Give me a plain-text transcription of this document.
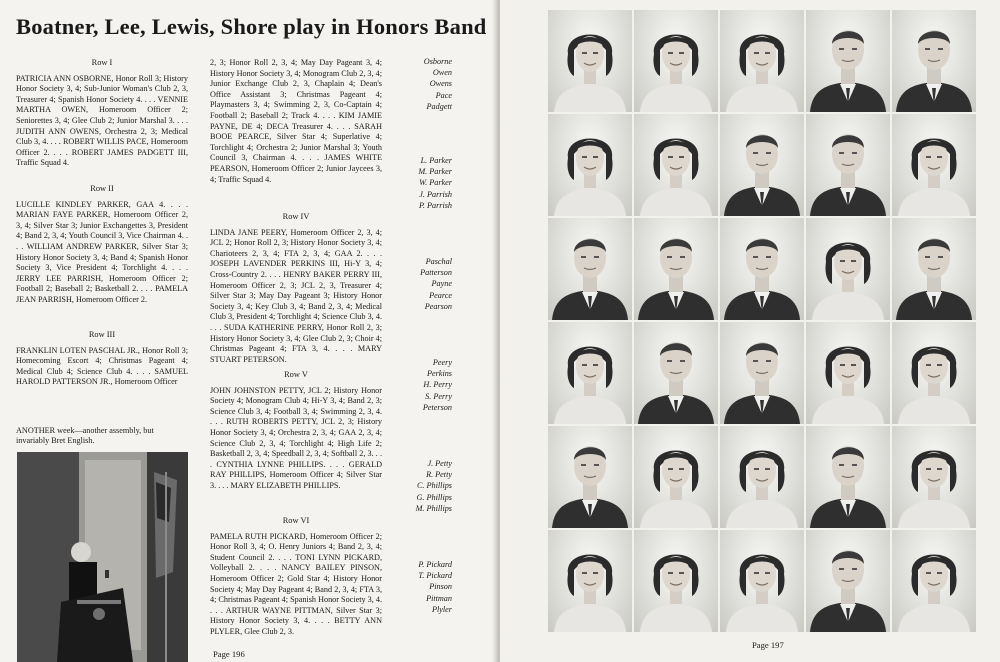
Boatner, Lee, Lewis, Shore play in Honors Band
Row I

PATRICIA ANN OSBORNE, Honor Roll 3; History Honor Society 3, 4; Sub-Junior Woman's Club 2, 3, Treasurer 4; Spanish Honor Society 4. . . . VENNIE MARTHA OWEN, Homeroom Officer 2; Seniorettes 3, 4; Glee Club 2; Junior Marshal 3. . . . JUDITH ANN OWENS, Orchestra 2, 3; Medical Club 3, 4. . . . ROBERT WILLIS PACE, Homeroom Officer 2. . . . ROBERT JAMES PADGETT III, Traffic Squad 4.

Row II

LUCILLE KINDLEY PARKER, GAA 4. . . . MARIAN FAYE PARKER, Homeroom Officer 2, 3, 4; Silver Star 3; Junior Exchangettes 3, President 4; Band 2, 3, 4; Youth Council 3, Vice Chairman 4. . . . WILLIAM ANDREW PARKER, Silver Star 3; History Honor Society 3, 4; Band 4; Spanish Honor Society 3, Vice President 4; Torchlight 4. . . . JERRY LEE PARRISH, Homeroom Officer 2; Football 2; Baseball 2; Basketball 2. . . . PAMELA JEAN PARRISH, Homeroom Officer 2.

Row III

FRANKLIN LOTEN PASCHAL JR., Honor Roll 3; Homecoming Escort 4; Christmas Pageant 4; Medical Club 4; Science Club 4. . . . SAMUEL HAROLD PATTERSON JR., Homeroom Officer

ANOTHER week—another assembly, but invariably Bret English.

2, 3; Honor Roll 2, 3, 4; May Day Pageant 3, 4; History Honor Society 3, 4; Monogram Club 2, 3, 4; Junior Exchange Club 2, 3, Chaplain 4; Dean's Office Assistant 3; Christmas Pageant 4; Playmasters 3, 4; Swimming 2, 3, Co-Captain 4; Football 2; Baseball 2; Track 4. . . . KIM JAMIE PAYNE, DE 4; DECA Treasurer 4. . . . SARAH BOOE PEARCE, Silver Star 4; Superlative 4; Torchlight 4; Orchestra 2; Junior Marshal 3; Youth Council 3, Chairman 4. . . . JAMES WHITE PEARSON, Homeroom Officer 2; Junior Jaycees 3, 4; Traffic Squad 4.

Row IV

LINDA JANE PEERY, Homeroom Officer 2, 3, 4; JCL 2; Honor Roll 2, 3; History Honor Society 3, 4; Charioteers 2, 3, 4; FTA 2, 3, 4; GAA 2. . . . JOSEPH LAVENDER PERKINS III, Hi-Y 3, 4; Cross-Country 2. . . . HENRY BAKER PERRY III, Homeroom Officer 2, 3; JCL 2, 3, Treasurer 4; Silver Star 3; May Day Pageant 3; History Honor Society 3, 4; Key Club 3, 4; Band 2, 3, 4; Medical Club 3, President 4; Torchlight 4; Science Club 3, 4. . . . SUDA KATHERINE PERRY, Honor Roll 2, 3; History Honor Society 3, 4; Glee Club 2, 3; Choir 4; Christmas Pageant 4; FTA 3, 4. . . . MARY STUART PETERSON.

Row V

JOHN JOHNSTON PETTY, JCL 2; History Honor Society 4; Monogram Club 4; Hi-Y 3, 4; Band 2, 3; Science Club 3, 4; Football 3, 4; Swimming 2, 3, 4. . . . RUTH ROBERTS PETTY, JCL 2, 3; History Honor Society 3, 4; Orchestra 2, 3, 4; GAA 2, 3, 4; Science Club 2, 3, 4; Torchlight 4; High Life 2; Basketball 2, 3, 4; Speedball 2, 3, 4; Softball 2, 3. . . . CYNTHIA LYNNE PHILLIPS. . . . GERALD RAY PHILLIPS, Homeroom Officer 4; Silver Star 3. . . . MARY ELIZABETH PHILLIPS.

Row VI

PAMELA RUTH PICKARD, Homeroom Officer 2; Honor Roll 3, 4; O. Henry Juniors 4; Band 2, 3, 4; Student Council 2. . . . TONI LYNN PICKARD, Volleyball 2. . . . NANCY BAILEY PINSON, Homeroom Officer 2; Gold Star 4; History Honor Society 4; May Day Pageant 4; Band 2, 3, 4; FTA 3, 4; Christmas Pageant 4; Spanish Honor Society 3, 4. . . . ARTHUR WAYNE PITTMAN, Silver Star 3; History Honor Society 3, 4. . . . BETTY ANN PLYLER, Glee Club 2, 3.

Osborne
Owen
Owens
Pace
Padgett
L. Parker
M. Parker
W. Parker
J. Parrish
P. Parrish
Paschal
Patterson
Payne
Pearce
Pearson
Peery
Perkins
H. Perry
S. Perry
Peterson
J. Petty
R. Petty
C. Phillips
G. Phillips
M. Phillips
P. Pickard
T. Pickard
Pinson
Pittman
Plyler
Page 196
Page 197
